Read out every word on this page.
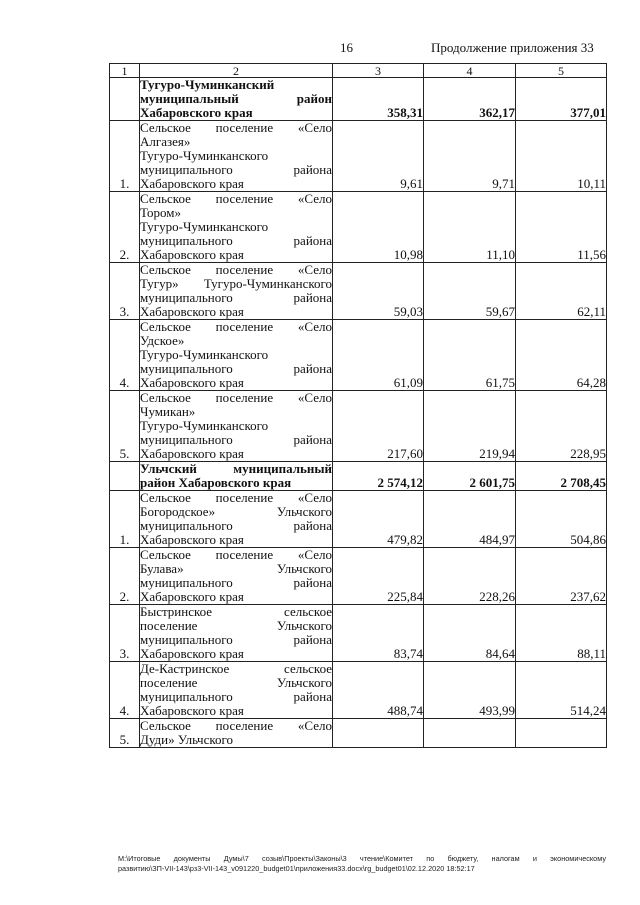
16	Продолжение приложения 33
1	2	3	4	5

	Тугуро-Чуминканский
муниципальный район
Хабаровского края	358,31	362,17	377,01
1.	Сельское поселение «Село
Алгазея»
Тугуро-Чуминканского
муниципального района
Хабаровского края	9,61	9,71	10,11
2.	Сельское поселение «Село
Тором»
Тугуро-Чуминканского
муниципального района
Хабаровского края	10,98	11,10	11,56
3.	Сельское поселение «Село
Тугур» Тугуро-Чуминканского
муниципального района
Хабаровского края	59,03	59,67	62,11
4.	Сельское поселение «Село
Удское»
Тугуро-Чуминканского
муниципального района
Хабаровского края	61,09	61,75	64,28
5.	Сельское поселение «Село
Чумикан»
Тугуро-Чуминканского
муниципального района
Хабаровского края	217,60	219,94	228,95

	Ульчский муниципальный
район Хабаровского края	2 574,12	2 601,75	2 708,45
1.	Сельское поселение «Село
Богородское» Ульчского
муниципального района
Хабаровского края	479,82	484,97	504,86
2.	Сельское поселение «Село
Булава» Ульчского
муниципального района
Хабаровского края	225,84	228,26	237,62
3.	Быстринское сельское
поселение Ульчского
муниципального района
Хабаровского края	83,74	84,64	88,11
4.	Де-Кастринское сельское
поселение Ульчского
муниципального района
Хабаровского края	488,74	493,99	514,24
5.	Сельское поселение «Село
Дуди» Ульчского			

M:\Итоговые документы Думы\7 созыв\Проекты\Законы\3 чтение\Комитет по бюджету, налогам и экономическому
развитию\ЗП-VII-143\рз3-VII-143_v091220_budget01\приложения33.docx\rg_budget01\02.12.2020 18:52:17
